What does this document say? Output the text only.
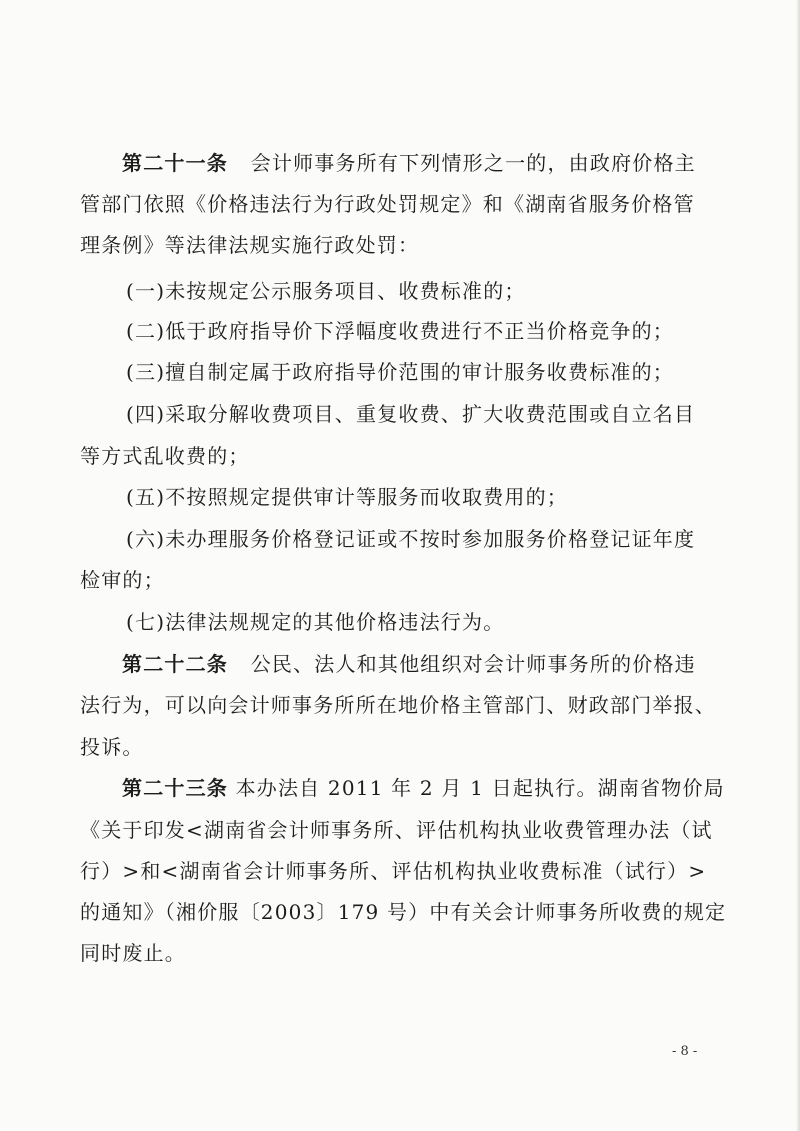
第二十一条 会计师事务所有下列情形之一的，由政府价格主
管部门依照《价格违法行为行政处罚规定》和《湖南省服务价格管
理条例》等法律法规实施行政处罚：
(一)未按规定公示服务项目、收费标准的；
(二)低于政府指导价下浮幅度收费进行不正当价格竞争的；
(三)擅自制定属于政府指导价范围的审计服务收费标准的；
(四)采取分解收费项目、重复收费、扩大收费范围或自立名目
等方式乱收费的；
(五)不按照规定提供审计等服务而收取费用的；
(六)未办理服务价格登记证或不按时参加服务价格登记证年度
检审的；
(七)法律法规规定的其他价格违法行为。
第二十二条 公民、法人和其他组织对会计师事务所的价格违
法行为，可以向会计师事务所所在地价格主管部门、财政部门举报、
投诉。
第二十三条 本办法自 2011 年 2 月 1 日起执行。湖南省物价局
《关于印发<湖南省会计师事务所、评估机构执业收费管理办法（试
行）>和<湖南省会计师事务所、评估机构执业收费标准（试行）>
的通知》（湘价服〔2003〕179 号）中有关会计师事务所收费的规定
同时废止。
- 8 -
